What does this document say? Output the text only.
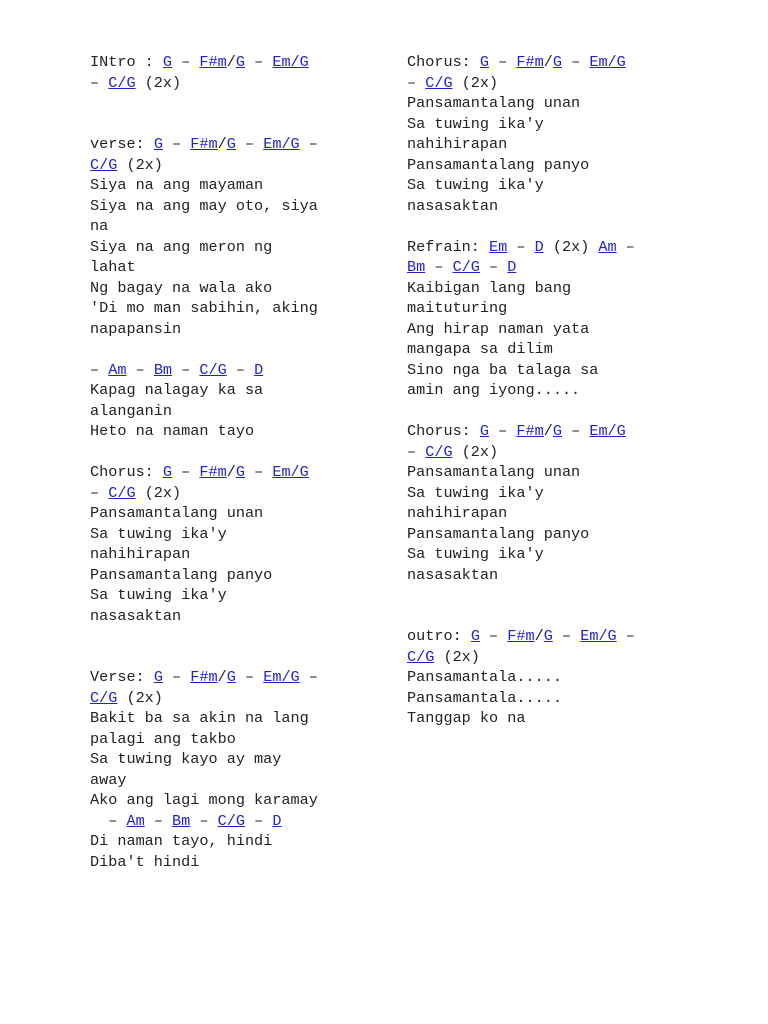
INtro : G – F#m/G – Em/G
– C/G (2x)
verse: G – F#m/G – Em/G –
C/G (2x)
Siya na ang mayaman
Siya na ang may oto, siya
na
Siya na ang meron ng
lahat
Ng bagay na wala ako
'Di mo man sabihin, aking
napapansin
– Am – Bm – C/G – D
Kapag nalagay ka sa
alanganin
Heto na naman tayo
Chorus: G – F#m/G – Em/G
– C/G (2x)
Pansamantalang unan
Sa tuwing ika'y
nahihirapan
Pansamantalang panyo
Sa tuwing ika'y
nasasaktan
Verse: G – F#m/G – Em/G –
C/G (2x)
Bakit ba sa akin na lang
palagi ang takbo
Sa tuwing kayo ay may
away
Ako ang lagi mong karamay
– Am – Bm – C/G – D
Di naman tayo, hindi
Diba't hindi
Chorus: G – F#m/G – Em/G
– C/G (2x)
Pansamantalang unan
Sa tuwing ika'y
nahihirapan
Pansamantalang panyo
Sa tuwing ika'y
nasasaktan
Refrain: Em – D (2x) Am –
Bm – C/G – D
Kaibigan lang bang
maituturing
Ang hirap naman yata
mangapa sa dilim
Sino nga ba talaga sa
amin ang iyong.....
Chorus: G – F#m/G – Em/G
– C/G (2x)
Pansamantalang unan
Sa tuwing ika'y
nahihirapan
Pansamantalang panyo
Sa tuwing ika'y
nasasaktan
outro: G – F#m/G – Em/G –
C/G (2x)
Pansamantala.....
Pansamantala.....
Tanggap ko na
